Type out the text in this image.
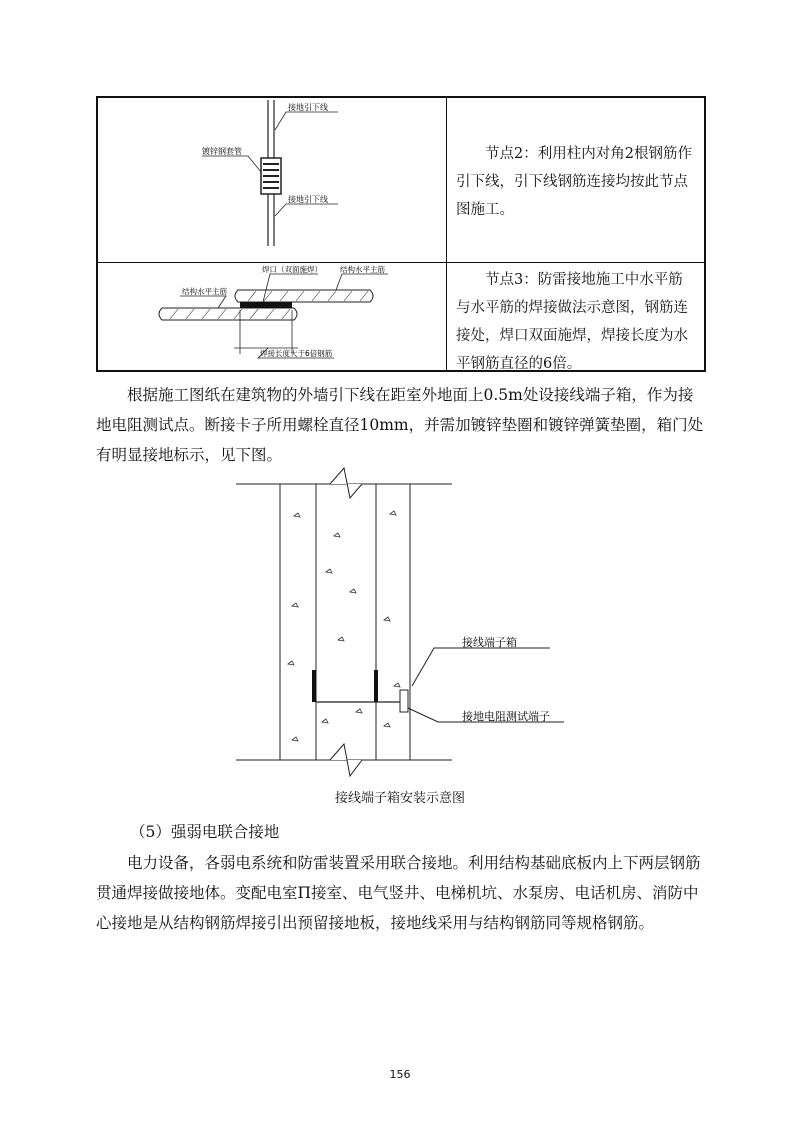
接地引下线
镀锌钢套管
接地引下线
节点2：利用柱内对角2根钢筋作引下线，引下线钢筋连接均按此节点图施工。
焊口（双面施焊） 结构水平主筋
结构水平主筋
焊接长度大于6倍钢筋
节点3：防雷接地施工中水平筋与水平筋的焊接做法示意图，钢筋连接处，焊口双面施焊，焊接长度为水平钢筋直径的6倍。
根据施工图纸在建筑物的外墙引下线在距室外地面上0.5m处设接线端子箱，作为接地电阻测试点。断接卡子所用螺栓直径10mm，并需加镀锌垫圈和镀锌弹簧垫圈，箱门处有明显接地标示，见下图。
接线端子箱
接地电阻测试端子
接线端子箱安装示意图
（5）强弱电联合接地
电力设备，各弱电系统和防雷装置采用联合接地。利用结构基础底板内上下两层钢筋贯通焊接做接地体。变配电室Π接室、电气竖井、电梯机坑、水泵房、电话机房、消防中心接地是从结构钢筋焊接引出预留接地板，接地线采用与结构钢筋同等规格钢筋。
156
